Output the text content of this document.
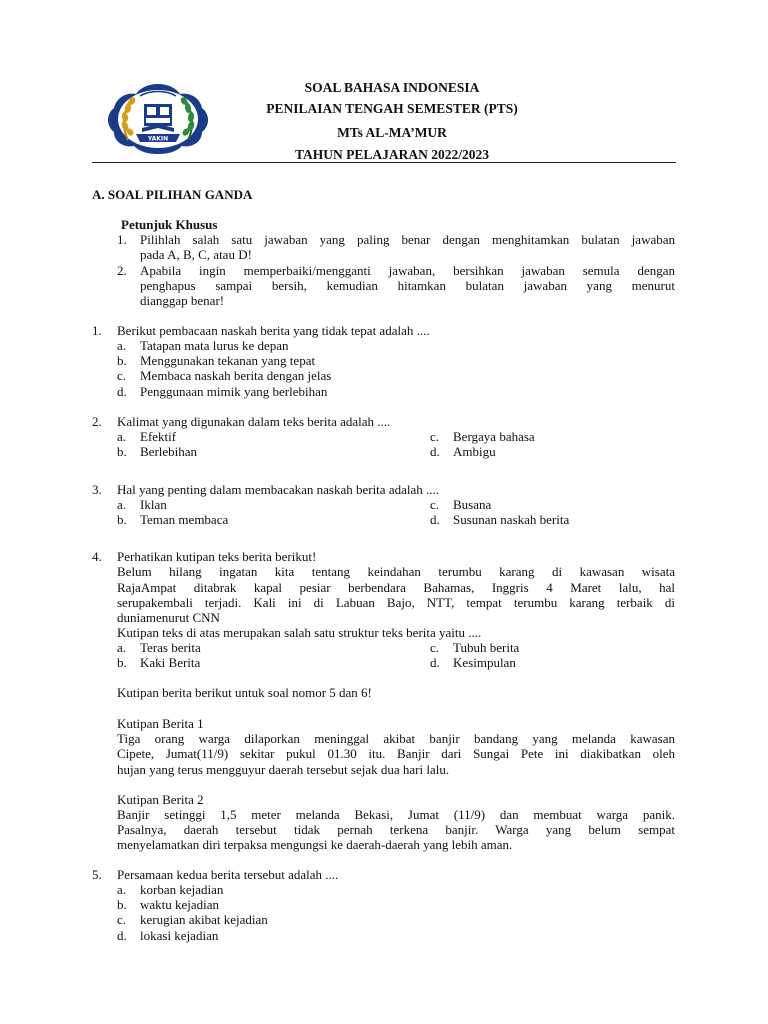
YAKIN
SOAL BAHASA INDONESIA
PENILAIAN TENGAH SEMESTER (PTS)
MTs AL-MA’MUR
TAHUN PELAJARAN 2022/2023
A. SOAL PILIHAN GANDA
Petunjuk Khusus
1. Pilihlah salah satu jawaban yang paling benar dengan menghitamkan bulatan jawaban
pada A, B, C, atau D!
2. Apabila ingin memperbaiki/mengganti jawaban, bersihkan jawaban semula dengan
penghapus sampai bersih, kemudian hitamkan bulatan jawaban yang menurut
dianggap benar!
1. Berikut pembacaan naskah berita yang tidak tepat adalah ....
a. Tatapan mata lurus ke depan
b. Menggunakan tekanan yang tepat
c. Membaca naskah berita dengan jelas
d. Penggunaan mimik yang berlebihan
2. Kalimat yang digunakan dalam teks berita adalah ....
a. Efektif
b. Berlebihan
c. Bergaya bahasa
d. Ambigu
3. Hal yang penting dalam membacakan naskah berita adalah ....
a. Iklan
b. Teman membaca
c. Busana
d. Susunan naskah berita
4. Perhatikan kutipan teks berita berikut!
Belum hilang ingatan kita tentang keindahan terumbu karang di kawasan wisata
RajaAmpat ditabrak kapal pesiar berbendara Bahamas, Inggris 4 Maret lalu, hal
serupakembali terjadi. Kali ini di Labuan Bajo, NTT, tempat terumbu karang terbaik di
duniamenurut CNN
Kutipan teks di atas merupakan salah satu struktur teks berita yaitu ....
a. Teras berita
b. Kaki Berita
c. Tubuh berita
d. Kesimpulan
Kutipan berita berikut untuk soal nomor 5 dan 6!
Kutipan Berita 1
Tiga orang warga dilaporkan meninggal akibat banjir bandang yang melanda kawasan
Cipete, Jumat(11/9) sekitar pukul 01.30 itu. Banjir dari Sungai Pete ini diakibatkan oleh
hujan yang terus mengguyur daerah tersebut sejak dua hari lalu.
Kutipan Berita 2
Banjir setinggi 1,5 meter melanda Bekasi, Jumat (11/9) dan membuat warga panik.
Pasalnya, daerah tersebut tidak pernah terkena banjir. Warga yang belum sempat
menyelamatkan diri terpaksa mengungsi ke daerah-daerah yang lebih aman.
5. Persamaan kedua berita tersebut adalah ....
a. korban kejadian
b. waktu kejadian
c. kerugian akibat kejadian
d. lokasi kejadian
